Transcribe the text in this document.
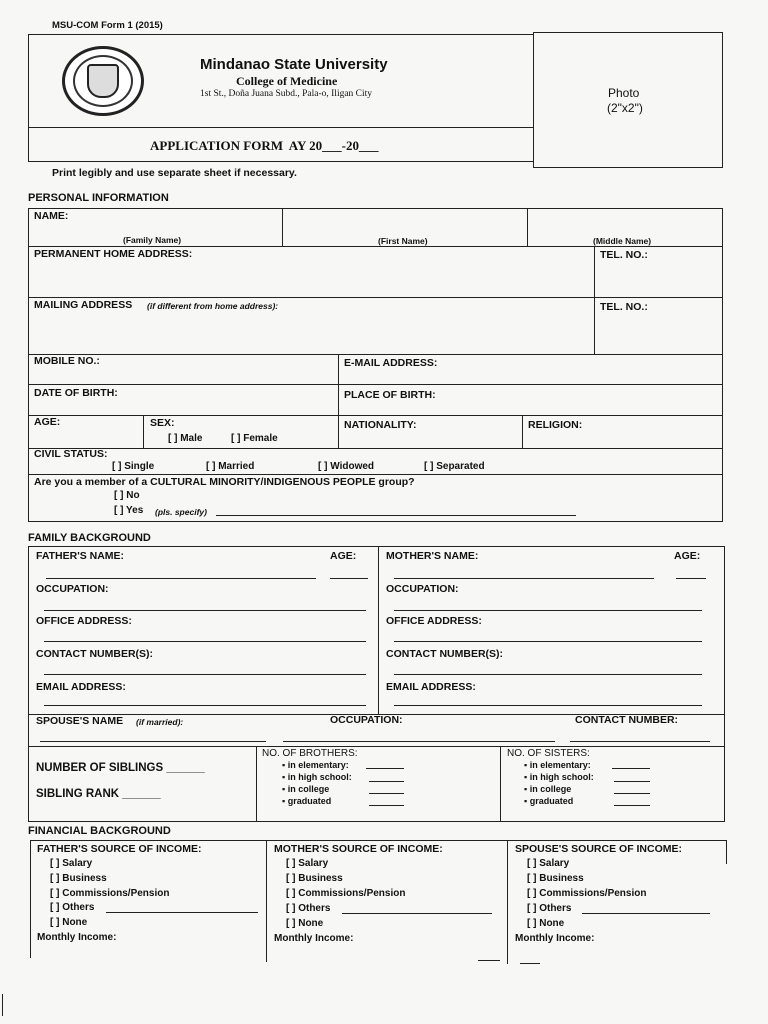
MSU-COM Form 1 (2015)
Mindanao State University
College of Medicine
1st St., Doña Juana Subd., Pala-o, Iligan City	Photo
(2"x2")
APPLICATION FORM  AY 20___-20___
Print legibly and use separate sheet if necessary.
PERSONAL INFORMATION
NAME:
(Family Name)	(First Name)	(Middle Name)
PERMANENT HOME ADDRESS:	TEL. NO.:
MAILING ADDRESS (if different from home address):	TEL. NO.:
MOBILE NO.:	E-MAIL ADDRESS:
DATE OF BIRTH:	PLACE OF BIRTH:
AGE:	SEX:
[ ] Male	[ ] Female
NATIONALITY:	RELIGION:
CIVIL STATUS:
[ ] Single	[ ] Married	[ ] Widowed	[ ] Separated
Are you a member of a CULTURAL MINORITY/INDIGENOUS PEOPLE group?
[ ] No
[ ] Yes (pls. specify)
FAMILY BACKGROUND
FATHER'S NAME:	AGE:
OCCUPATION:
OFFICE ADDRESS:
CONTACT NUMBER(S):
EMAIL ADDRESS:
MOTHER'S NAME:	AGE:
OCCUPATION:
OFFICE ADDRESS:
CONTACT NUMBER(S):
EMAIL ADDRESS:
SPOUSE'S NAME (if married):	OCCUPATION:	CONTACT NUMBER:
NUMBER OF SIBLINGS ______
SIBLING RANK ______
NO. OF BROTHERS:
▪ in elementary:
▪ in high school:
▪ in college
▪ graduated
NO. OF SISTERS:
▪ in elementary:
▪ in high school:
▪ in college
▪ graduated
FINANCIAL BACKGROUND
FATHER'S SOURCE OF INCOME:
[ ] Salary
[ ] Business
[ ] Commissions/Pension
[ ] Others
[ ] None
Monthly Income:
MOTHER'S SOURCE OF INCOME:
[ ] Salary
[ ] Business
[ ] Commissions/Pension
[ ] Others
[ ] None
Monthly Income:
SPOUSE'S SOURCE OF INCOME:
[ ] Salary
[ ] Business
[ ] Commissions/Pension
[ ] Others
[ ] None
Monthly Income:
